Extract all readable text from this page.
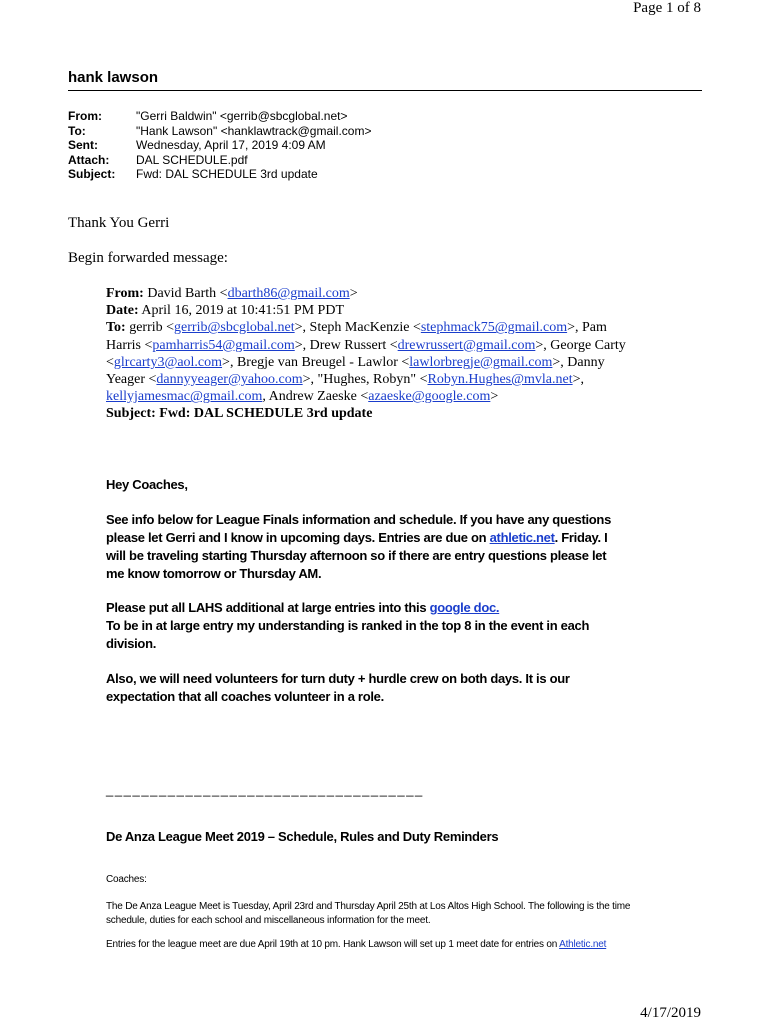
Page 1 of 8
hank lawson
From:	"Gerri Baldwin" <gerrib@sbcglobal.net>
To:	"Hank Lawson" <hanklawtrack@gmail.com>
Sent:	Wednesday, April 17, 2019 4:09 AM
Attach:	DAL SCHEDULE.pdf
Subject:	Fwd: DAL SCHEDULE 3rd update
Thank You Gerri
Begin forwarded message:
From: David Barth <dbarth86@gmail.com>
Date: April 16, 2019 at 10:41:51 PM PDT
To: gerrib <gerrib@sbcglobal.net>, Steph MacKenzie <stephmack75@gmail.com>, Pam Harris <pamharris54@gmail.com>, Drew Russert <drewrussert@gmail.com>, George Carty <glrcarty3@aol.com>, Bregje van Breugel - Lawlor <lawlorbregje@gmail.com>, Danny Yeager <dannyyeager@yahoo.com>, "Hughes, Robyn" <Robyn.Hughes@mvla.net>, kellyjamesmac@gmail.com, Andrew Zaeske <azaeske@google.com>
Subject: Fwd: DAL SCHEDULE 3rd update
Hey Coaches,
See info below for League Finals information and schedule. If you have any questions please let Gerri and I know in upcoming days. Entries are due on athletic.net. Friday. I will be traveling starting Thursday afternoon so if there are entry questions please let me know tomorrow or Thursday AM.
Please put all LAHS additional at large entries into this google doc.
To be in at large entry my understanding is ranked in the top 8 in the event in each division.
Also, we will need volunteers for turn duty + hurdle crew on both days. It is our expectation that all coaches volunteer in a role.
____________________________________
De Anza League Meet 2019 – Schedule, Rules and Duty Reminders
Coaches:
The De Anza League Meet is Tuesday, April 23rd and Thursday April 25th at Los Altos High School. The following is the time schedule, duties for each school and miscellaneous information for the meet.
Entries for the league meet are due April 19th at 10 pm. Hank Lawson will set up 1 meet date for entries on Athletic.net
4/17/2019
